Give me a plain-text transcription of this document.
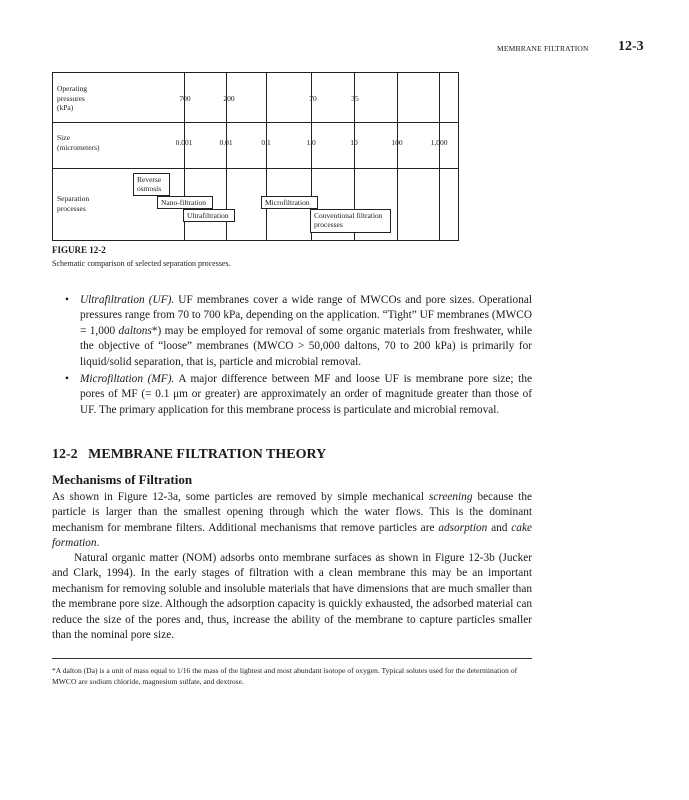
MEMBRANE FILTRATION 12-3
Operating
pressures
(kPa)
Size
(micrometers)
Separation
processes
700	200	70	35
0.001	0.01	0.1	1.0	10	100	1,000
Reverse
osmosis
Nano-filtration
Ultrafiltration
Microfiltration
Conventional filtration
processes
FIGURE 12-2
Schematic comparison of selected separation processes.
• Ultrafiltration (UF). UF membranes cover a wide range of MWCOs and pore sizes. Operational pressures range from 70 to 700 kPa, depending on the application. “Tight” UF membranes (MWCO = 1,000 daltons*) may be employed for removal of some organic materials from freshwater, while the objective of “loose” membranes (MWCO > 50,000 daltons, 70 to 200 kPa) is primarily for liquid/solid separation, that is, particle and microbial removal.
• Microfiltation (MF). A major difference between MF and loose UF is membrane pore size; the pores of MF (= 0.1 μm or greater) are approximately an order of magnitude greater than those of UF. The primary application for this membrane process is particulate and microbial removal.
12-2   MEMBRANE FILTRATION THEORY
Mechanisms of Filtration

As shown in Figure 12-3a, some particles are removed by simple mechanical screening because the particle is larger than the smallest opening through which the water flows. This is the dominant mechanism for membrane filters. Additional mechanisms that remove particles are adsorption and cake formation.

Natural organic matter (NOM) adsorbs onto membrane surfaces as shown in Figure 12-3b (Jucker and Clark, 1994). In the early stages of filtration with a clean membrane this may be an important mechanism for removing soluble and insoluble materials that have dimensions that are much smaller than the membrane pore size. Although the adsorption capacity is quickly exhausted, the adsorbed material can reduce the size of the pores and, thus, increase the ability of the membrane to capture particles smaller than the nominal pore size.

*A dalton (Da) is a unit of mass equal to 1/16 the mass of the lightest and most abundant isotope of oxygen. Typical solutes used for the determination of MWCO are sodium chloride, magnesium sulfate, and dextrose.
